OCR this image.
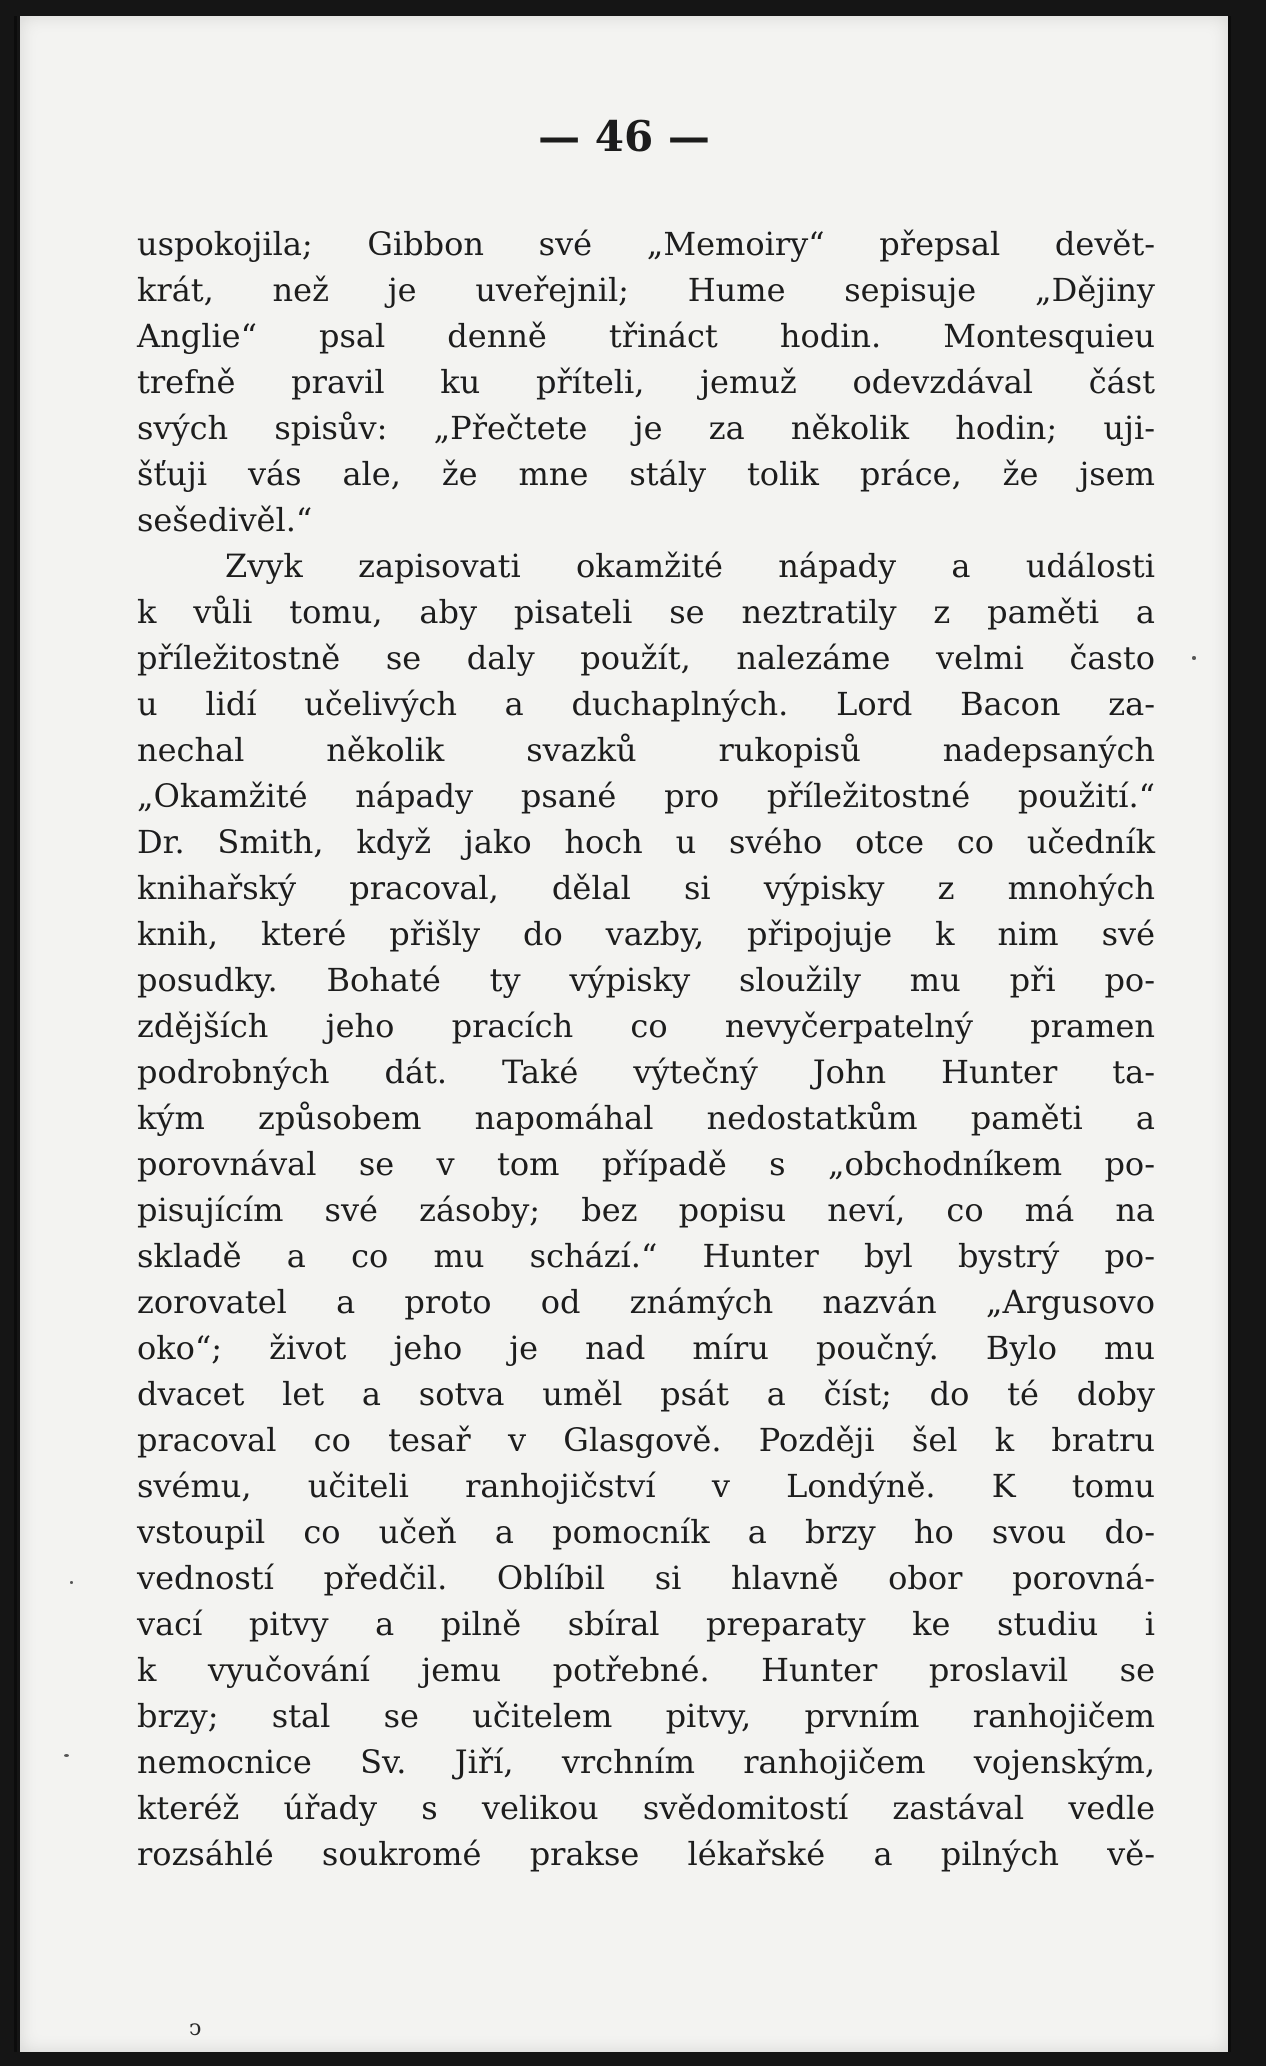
— 46 —
uspokojila; Gibbon své „Memoiry“ přepsal devět-
krát, než je uveřejnil; Hume sepisuje „Dějiny
Anglie“ psal denně třináct hodin. Montesquieu
trefně pravil ku příteli, jemuž odevzdával část
svých spisův: „Přečtete je za několik hodin; uji-
šťuji vás ale, že mne stály tolik práce, že jsem
sešedivěl.“
Zvyk zapisovati okamžité nápady a události
k vůli tomu, aby pisateli se neztratily z paměti a
příležitostně se daly použít, nalezáme velmi často
u lidí učelivých a duchaplných. Lord Bacon za-
nechal několik svazků rukopisů nadepsaných
„Okamžité nápady psané pro příležitostné použití.“
Dr. Smith, když jako hoch u svého otce co učedník
knihařský pracoval, dělal si výpisky z mnohých
knih, které přišly do vazby, připojuje k nim své
posudky. Bohaté ty výpisky sloužily mu při po-
zdějších jeho pracích co nevyčerpatelný pramen
podrobných dát. Také výtečný John Hunter ta-
kým způsobem napomáhal nedostatkům paměti a
porovnával se v tom případě s „obchodníkem po-
pisujícím své zásoby; bez popisu neví, co má na
skladě a co mu schází.“ Hunter byl bystrý po-
zorovatel a proto od známých nazván „Argusovo
oko“; život jeho je nad míru poučný. Bylo mu
dvacet let a sotva uměl psát a číst; do té doby
pracoval co tesař v Glasgově. Později šel k bratru
svému, učiteli ranhojičství v Londýně. K tomu
vstoupil co učeň a pomocník a brzy ho svou do-
vedností předčil. Oblíbil si hlavně obor porovná-
vací pitvy a pilně sbíral preparaty ke studiu i
k vyučování jemu potřebné. Hunter proslavil se
brzy; stal se učitelem pitvy, prvním ranhojičem
nemocnice Sv. Jiří, vrchním ranhojičem vojenským,
kteréž úřady s velikou svědomitostí zastával vedle
rozsáhlé soukromé prakse lékařské a pilných vě-
ͻ
